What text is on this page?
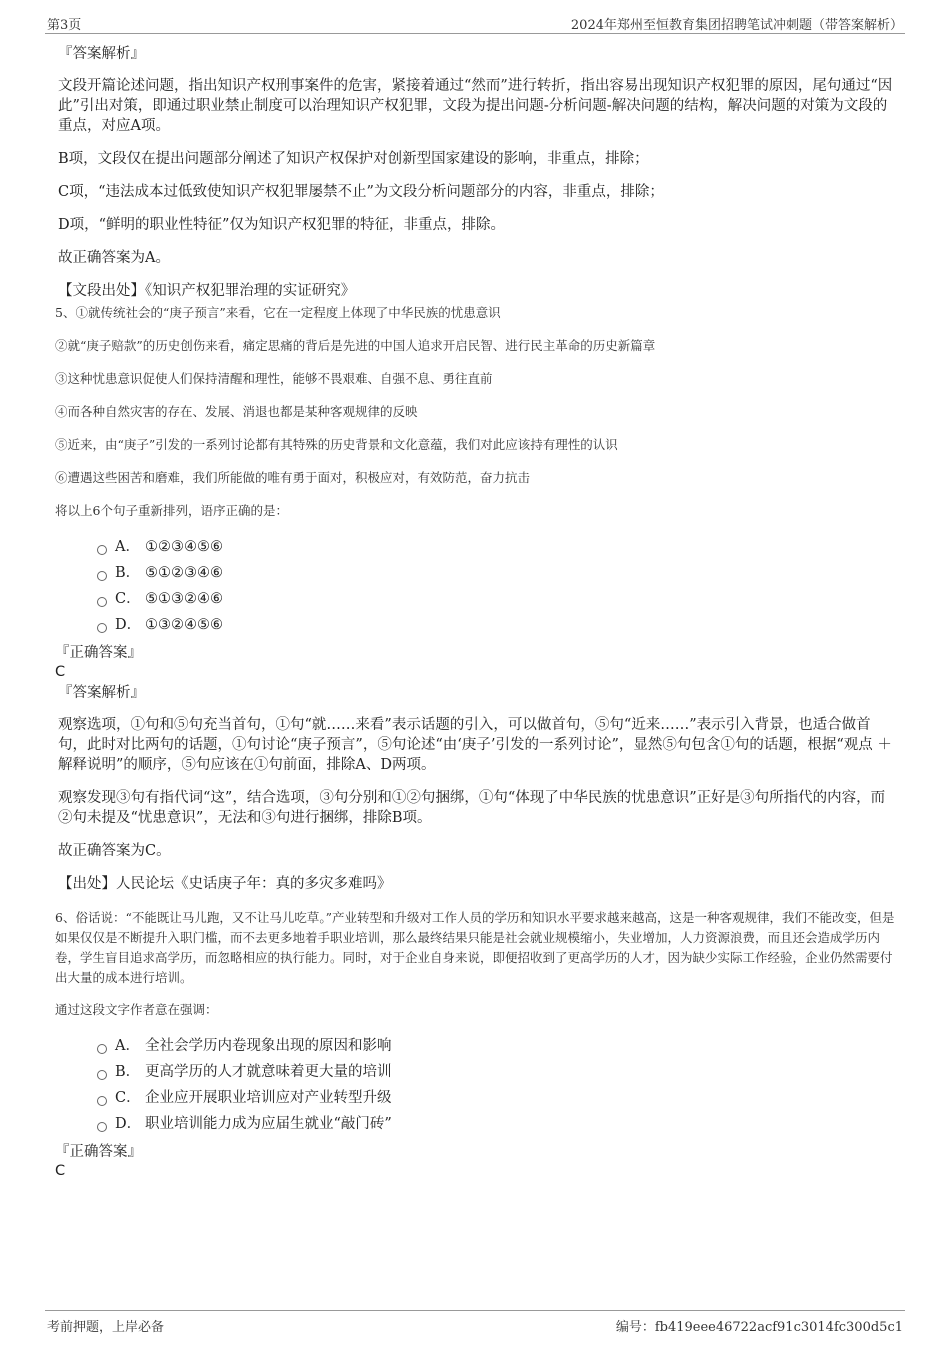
第3页	2024年郑州至恒教育集团招聘笔试冲刺题（带答案解析）
『答案解析』
文段开篇论述问题，指出知识产权刑事案件的危害，紧接着通过“然而”进行转折，指出容易出现知识产权犯罪的原因，尾句通过“因此”引出对策，即通过职业禁止制度可以治理知识产权犯罪，文段为提出问题-分析问题-解决问题的结构，解决问题的对策为文段的重点，对应A项。
B项，文段仅在提出问题部分阐述了知识产权保护对创新型国家建设的影响，非重点，排除；
C项，“违法成本过低致使知识产权犯罪屡禁不止”为文段分析问题部分的内容，非重点，排除；
D项，“鲜明的职业性特征”仅为知识产权犯罪的特征，非重点，排除。
故正确答案为A。
【文段出处】《知识产权犯罪治理的实证研究》
5、①就传统社会的“庚子预言”来看，它在一定程度上体现了中华民族的忧患意识
②就“庚子赔款”的历史创伤来看，痛定思痛的背后是先进的中国人追求开启民智、进行民主革命的历史新篇章
③这种忧患意识促使人们保持清醒和理性，能够不畏艰难、自强不息、勇往直前
④而各种自然灾害的存在、发展、消退也都是某种客观规律的反映
⑤近来，由“庚子”引发的一系列讨论都有其特殊的历史背景和文化意蕴，我们对此应该持有理性的认识
⑥遭遇这些困苦和磨难，我们所能做的唯有勇于面对，积极应对，有效防范，奋力抗击
将以上6个句子重新排列，语序正确的是：
A． ①②③④⑤⑥
B． ⑤①②③④⑥
C． ⑤①③②④⑥
D． ①③②④⑤⑥
『正确答案』
C
『答案解析』
观察选项，①句和⑤句充当首句，①句“就……来看”表示话题的引入，可以做首句，⑤句“近来……”表示引入背景，也适合做首句，此时对比两句的话题，①句讨论“庚子预言”，⑤句论述“由‘庚子’引发的一系列讨论”，显然⑤句包含①句的话题，根据“观点 ＋ 解释说明”的顺序，⑤句应该在①句前面，排除A、D两项。
观察发现③句有指代词“这”，结合选项，③句分别和①②句捆绑，①句“体现了中华民族的忧患意识”正好是③句所指代的内容，而②句未提及“忧患意识”，无法和③句进行捆绑，排除B项。
故正确答案为C。
【出处】人民论坛《史话庚子年：真的多灾多难吗》
6、俗话说：“不能既让马儿跑，又不让马儿吃草。”产业转型和升级对工作人员的学历和知识水平要求越来越高，这是一种客观规律，我们不能改变，但是如果仅仅是不断提升入职门槛，而不去更多地着手职业培训，那么最终结果只能是社会就业规模缩小，失业增加，人力资源浪费，而且还会造成学历内卷，学生盲目追求高学历，而忽略相应的执行能力。同时，对于企业自身来说，即便招收到了更高学历的人才，因为缺少实际工作经验，企业仍然需要付出大量的成本进行培训。
通过这段文字作者意在强调：
A． 全社会学历内卷现象出现的原因和影响
B． 更高学历的人才就意味着更大量的培训
C． 企业应开展职业培训应对产业转型升级
D． 职业培训能力成为应届生就业“敲门砖”
『正确答案』
C
考前押题，上岸必备	编号：fb419eee46722acf91c3014fc300d5c1
